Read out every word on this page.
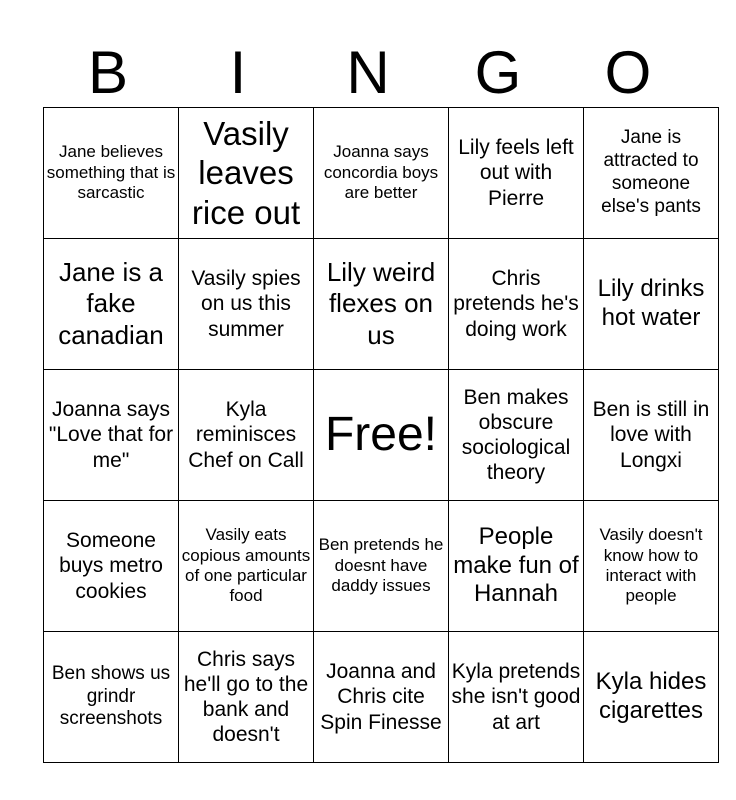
B	I	N	G	O
Jane believes something that is sarcastic	Vasily leaves rice out	Joanna says concordia boys are better	Lily feels left out with Pierre	Jane is attracted to someone else's pants
Jane is a fake canadian	Vasily spies on us this summer	Lily weird flexes on us	Chris pretends he's doing work	Lily drinks hot water
Joanna says "Love that for me"	Kyla reminisces Chef on Call	Free!	Ben makes obscure sociological theory	Ben is still in love with Longxi
Someone buys metro cookies	Vasily eats copious amounts of one particular food	Ben pretends he doesnt have daddy issues	People make fun of Hannah	Vasily doesn't know how to interact with people
Ben shows us grindr screenshots	Chris says he'll go to the bank and doesn't	Joanna and Chris cite Spin Finesse	Kyla pretends she isn't good at art	Kyla hides cigarettes
